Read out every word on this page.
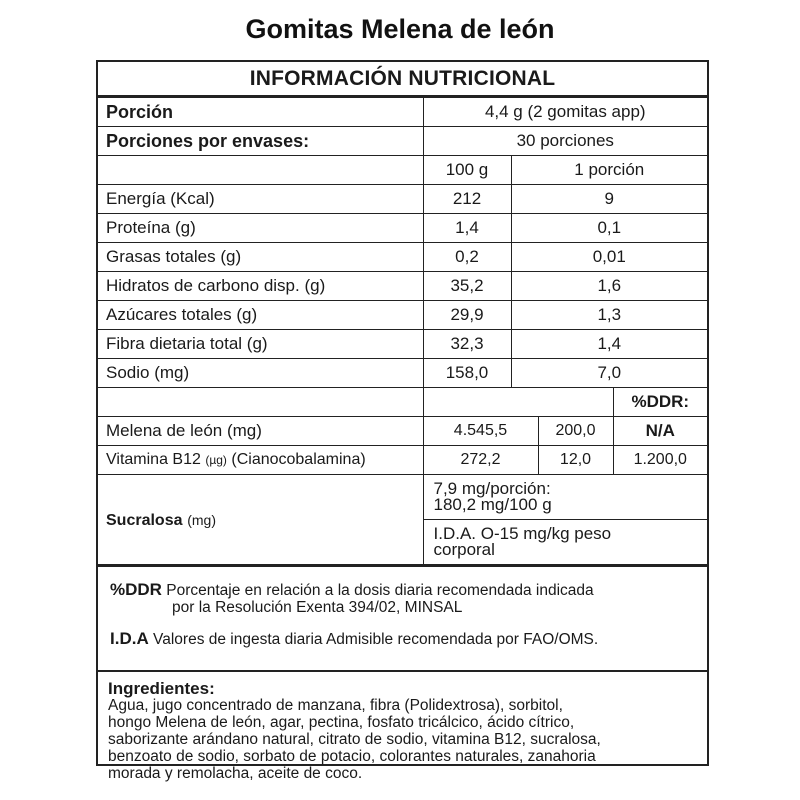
Gomitas Melena de león
INFORMACIÓN NUTRICIONAL
Porción	4,4 g (2 gomitas app)			
Porciones por envases:	30 porciones			
	100 g	1 porción		
Energía (Kcal)	212	9		
Proteína (g)	1,4	0,1		
Grasas totales (g)	0,2	0,01		
Hidratos de carbono disp. (g)	35,2	1,6		
Azúcares totales (g)	29,9	1,3		
Fibra dietaria total (g)	32,3	1,4		
Sodio (mg)	158,0	7,0		
				%DDR:
Melena de león (mg)	4.545,5		200,0	N/A
Vitamina B12 (µg) (Cianocobalamina)	272,2		12,0	1.200,0
Sucralosa (mg)	7,9 mg/porción:
180,2 mg/100 g			

	I.D.A. O-15 mg/kg peso
corporal			
%DDR Porcentaje en relación a la dosis diaria recomendada indicada
por la Resolución Exenta 394/02, MINSAL
I.D.A Valores de ingesta diaria Admisible recomendada por FAO/OMS.
Ingredientes:
Agua, jugo concentrado de manzana, fibra (Polidextrosa), sorbitol,
hongo Melena de león, agar, pectina, fosfato tricálcico, ácido cítrico,
saborizante arándano natural, citrato de sodio, vitamina B12, sucralosa,
benzoato de sodio, sorbato de potacio, colorantes naturales, zanahoria
morada y remolacha, aceite de coco.
